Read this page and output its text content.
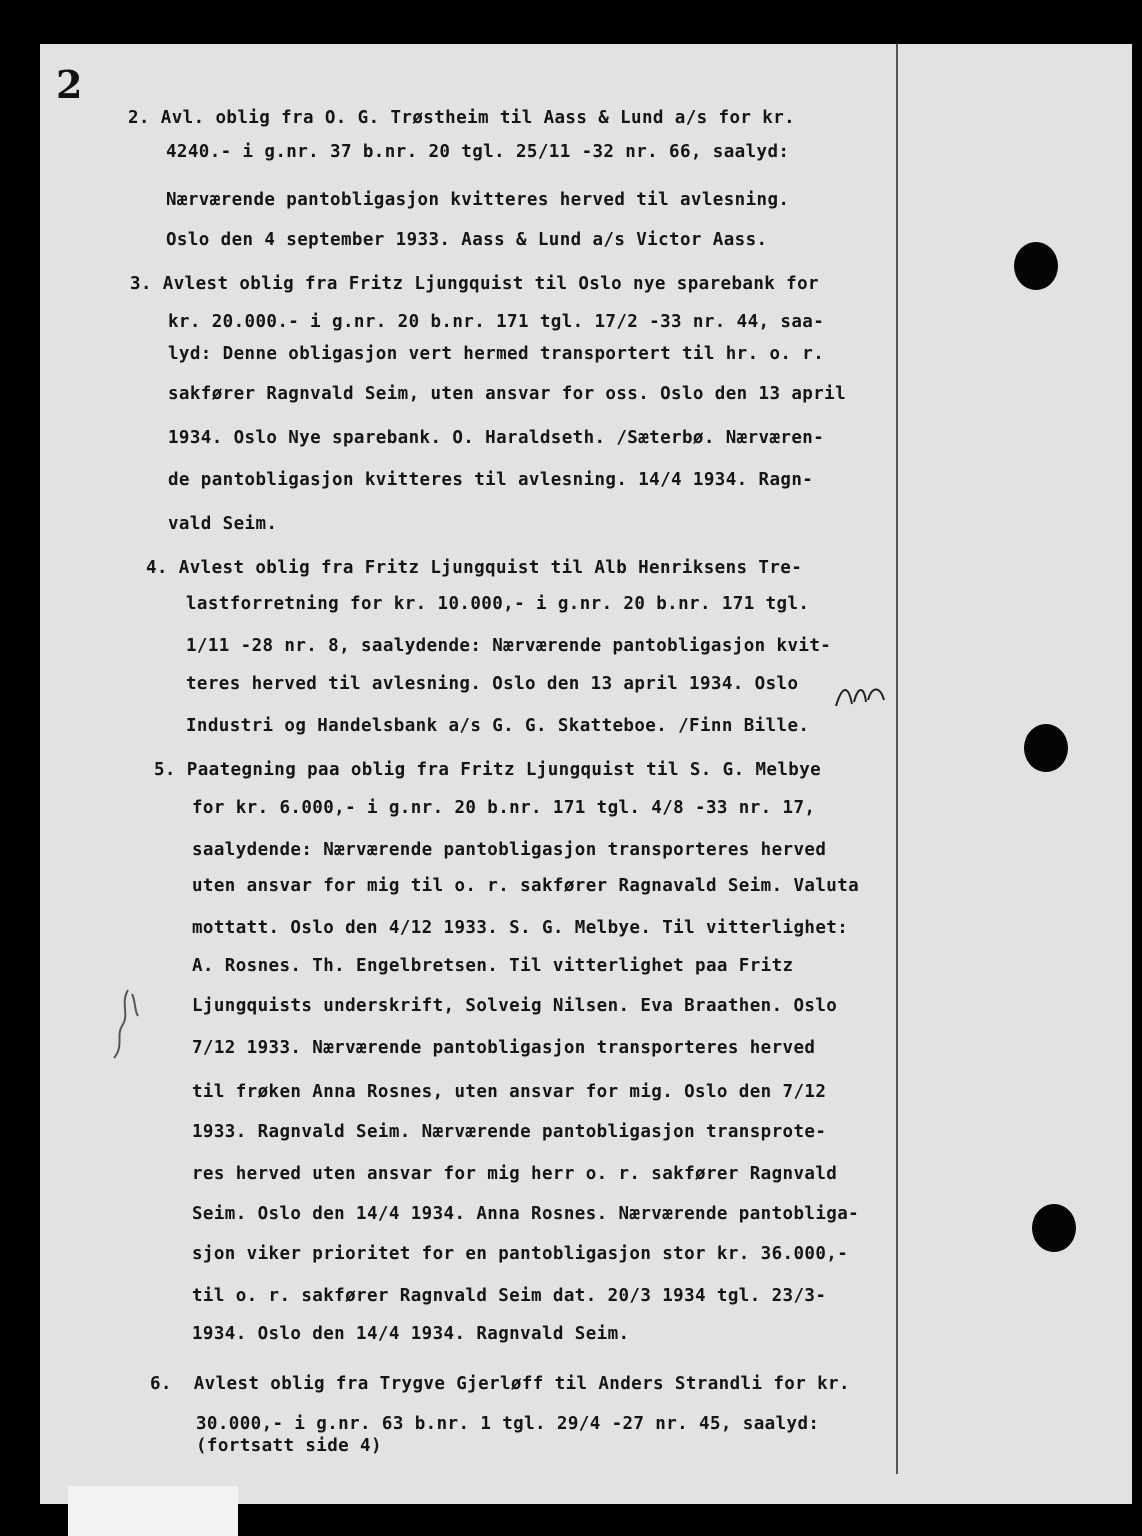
2
2. Avl. oblig fra O. G. Trøstheim til Aass & Lund a/s for kr.
4240.- i g.nr. 37 b.nr. 20 tgl. 25/11 -32 nr. 66, saalyd:
Nærværende pantobligasjon kvitteres herved til avlesning.
Oslo den 4 september 1933. Aass & Lund a/s Victor Aass.
3. Avlest oblig fra Fritz Ljungquist til Oslo nye sparebank for
kr. 20.000.- i g.nr. 20 b.nr. 171 tgl. 17/2 -33 nr. 44, saa-
lyd: Denne obligasjon vert hermed transportert til hr. o. r.
sakfører Ragnvald Seim, uten ansvar for oss. Oslo den 13 april
1934. Oslo Nye sparebank. O. Haraldseth. /Sæterbø. Nærværen-
de pantobligasjon kvitteres til avlesning. 14/4 1934. Ragn-
vald Seim.
4. Avlest oblig fra Fritz Ljungquist til Alb Henriksens Tre-
lastforretning for kr. 10.000,- i g.nr. 20 b.nr. 171 tgl.
1/11 -28 nr. 8, saalydende: Nærværende pantobligasjon kvit-
teres herved til avlesning. Oslo den 13 april 1934. Oslo
Industri og Handelsbank a/s G. G. Skatteboe. /Finn Bille.
5. Paategning paa oblig fra Fritz Ljungquist til S. G. Melbye
for kr. 6.000,- i g.nr. 20 b.nr. 171 tgl. 4/8 -33 nr. 17,
saalydende: Nærværende pantobligasjon transporteres herved
uten ansvar for mig til o. r. sakfører Ragnavald Seim. Valuta
mottatt. Oslo den 4/12 1933. S. G. Melbye. Til vitterlighet:
A. Rosnes. Th. Engelbretsen. Til vitterlighet paa Fritz
Ljungquists underskrift, Solveig Nilsen. Eva Braathen. Oslo
7/12 1933. Nærværende pantobligasjon transporteres herved
til frøken Anna Rosnes, uten ansvar for mig. Oslo den 7/12
1933. Ragnvald Seim. Nærværende pantobligasjon transprote-
res herved uten ansvar for mig herr o. r. sakfører Ragnvald
Seim. Oslo den 14/4 1934. Anna Rosnes. Nærværende pantobliga-
sjon viker prioritet for en pantobligasjon stor kr. 36.000,-
til o. r. sakfører Ragnvald Seim dat. 20/3 1934 tgl. 23/3-
1934. Oslo den 14/4 1934. Ragnvald Seim.
6.  Avlest oblig fra Trygve Gjerløff til Anders Strandli for kr.
30.000,- i g.nr. 63 b.nr. 1 tgl. 29/4 -27 nr. 45, saalyd:
(fortsatt side 4)
